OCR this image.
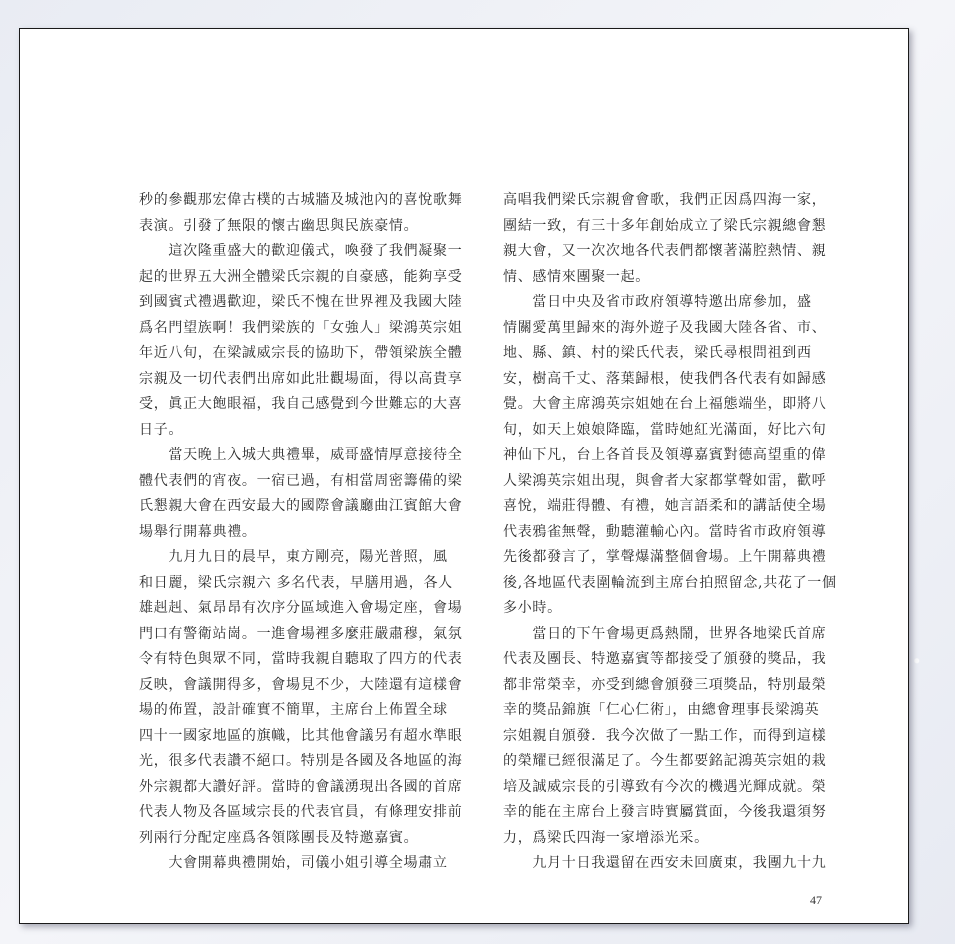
秒的參觀那宏偉古樸的古城牆及城池內的喜悅歌舞
表演。引發了無限的懷古幽思與民族豪情。
　　這次隆重盛大的歡迎儀式，喚發了我們凝聚一
起的世界五大洲全體梁氏宗親的自豪感，能夠享受
到國賓式禮遇歡迎，梁氏不愧在世界裡及我國大陸
爲名門望族啊！我們梁族的「女強人」梁鴻英宗姐
年近八旬，在梁誠威宗長的協助下，帶領梁族全體
宗親及一切代表們出席如此壯觀場面，得以高貴享
受，眞正大飽眼福，我自己感覺到今世難忘的大喜
日子。
　　當天晚上入城大典禮畢，威哥盛情厚意接待全
體代表們的宵夜。一宿已過，有相當周密籌備的梁
氏懇親大會在西安最大的國際會議廳曲江賓館大會
場舉行開幕典禮。
　　九月九日的晨早，東方剛亮，陽光普照，風
和日麗，梁氏宗親六 多名代表，早膳用過，各人
雄赳赳、氣昂昂有次序分區域進入會場定座，會場
門口有警衛站崗。一進會場裡多麼莊嚴肅穆，氣氛
令有特色與眾不同，當時我親自聽取了四方的代表
反映，會議開得多，會場見不少，大陸還有這樣會
場的佈置，設計確實不簡單，主席台上佈置全球
四十一國家地區的旗幟，比其他會議另有超水準眼
光，很多代表讚不絕口。特別是各國及各地區的海
外宗親都大讚好評。當時的會議湧現出各國的首席
代表人物及各區域宗長的代表官員，有條理安排前
列兩行分配定座爲各領隊團長及特邀嘉賓。
　　大會開幕典禮開始，司儀小姐引導全場肅立
高唱我們梁氏宗親會會歌，我們正因爲四海一家，
團結一致，有三十多年創始成立了梁氏宗親總會懇
親大會，又一次次地各代表們都懷著滿腔熱情、親
情、感情來團聚一起。
　　當日中央及省市政府領導特邀出席參加，盛
情關愛萬里歸來的海外遊子及我國大陸各省、市、
地、縣、鎮、村的梁氏代表，梁氏尋根問祖到西
安，樹高千丈、落葉歸根，使我們各代表有如歸感
覺。大會主席鴻英宗姐她在台上福態端坐，即將八
旬，如天上娘娘降臨，當時她紅光滿面，好比六旬
神仙下凡，台上各首長及領導嘉賓對德高望重的偉
人梁鴻英宗姐出現，與會者大家都掌聲如雷，歡呼
喜悅，端莊得體、有禮，她言語柔和的講話使全場
代表鴉雀無聲，動聽灌輸心內。當時省市政府領導
先後都發言了，掌聲爆滿整個會場。上午開幕典禮
後,各地區代表圍輪流到主席台拍照留念,共花了一個
多小時。
　　當日的下午會場更爲熱鬧，世界各地梁氏首席
代表及團長、特邀嘉賓等都接受了頒發的獎品，我
都非常榮幸，亦受到總會頒發三項獎品，特別最榮
幸的獎品錦旗「仁心仁術」，由總會理事長梁鴻英
宗姐親自頒發．我今次做了一點工作，而得到這樣
的榮耀已經很滿足了。今生都要銘記鴻英宗姐的栽
培及誠威宗長的引導致有今次的機遇光輝成就。榮
幸的能在主席台上發言時實屬賞面，今後我還須努
力，爲梁氏四海一家增添光采。
　　九月十日我還留在西安未回廣東，我團九十九
47
